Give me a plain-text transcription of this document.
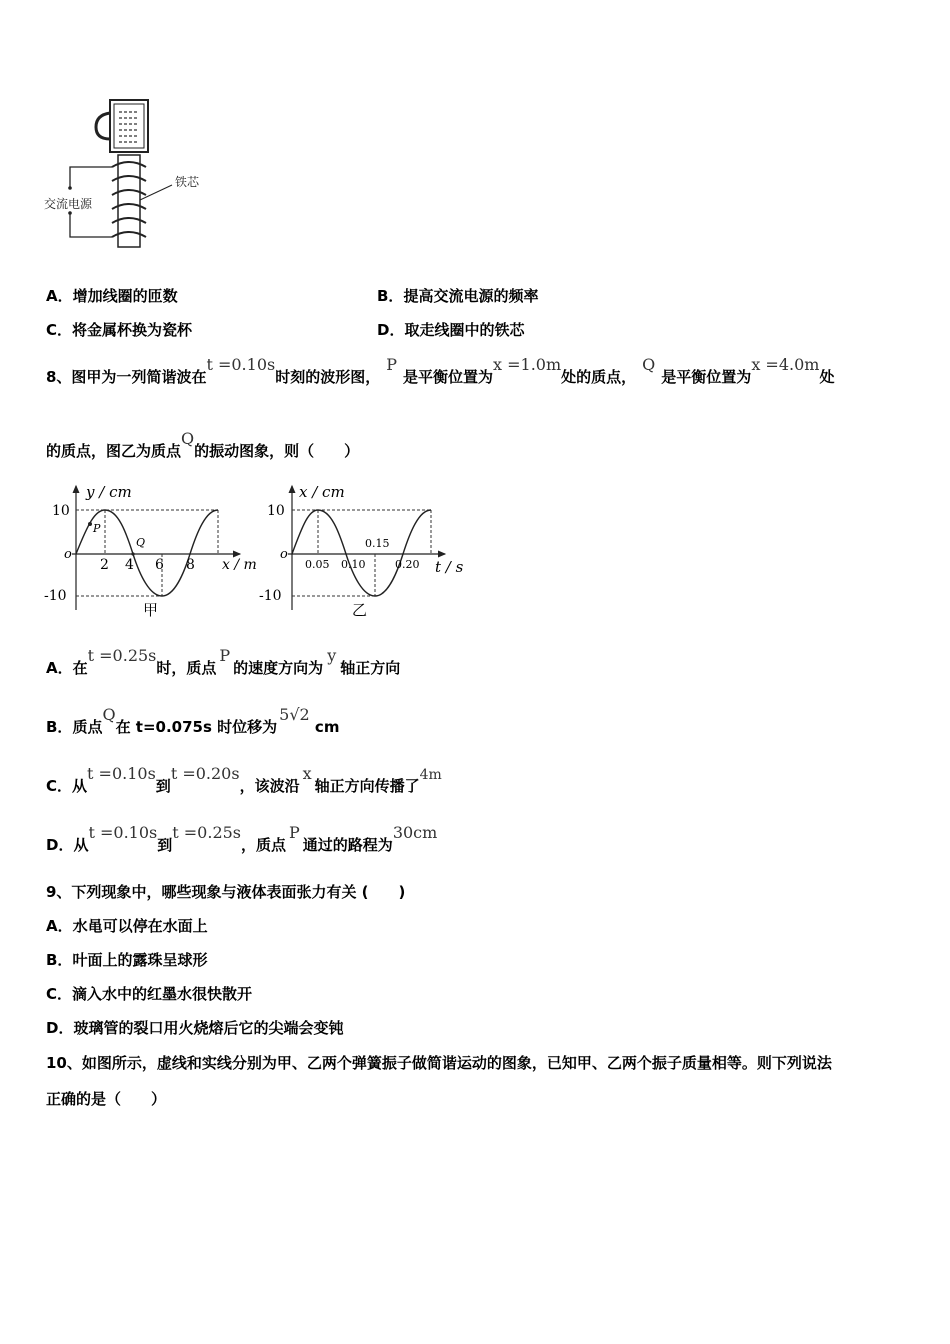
交流电源
铁芯
A．增加线圈的匝数	B．提高交流电源的频率
C．将金属杯换为瓷杯	D．取走线圈中的铁芯
8、图甲为一列简谐波在t =0.10s时刻的波形图，P是平衡位置为x =1.0m处的质点，Q是平衡位置为x =4.0m处
的质点，图乙为质点Q的振动图象，则（　　）
y / cm
x / m
10
-10
2 4 6 8
o
P
Q
甲
x / cm
t / s
10
-10
0.05 0.10
0.15
0.20
o
乙
A．在t =0.25s时，质点P的速度方向为y轴正方向
B．质点Q在 t=0.075s 时位移为5√2 cm
C．从t =0.10s到t =0.20s，该波沿x轴正方向传播了4m
D．从t =0.10s到t =0.25s，质点P通过的路程为30cm
9、下列现象中，哪些现象与液体表面张力有关 (　　)
A．水黾可以停在水面上
B．叶面上的露珠呈球形
C．滴入水中的红墨水很快散开
D．玻璃管的裂口用火烧熔后它的尖端会变钝
10、如图所示，虚线和实线分别为甲、乙两个弹簧振子做简谐运动的图象，已知甲、乙两个振子质量相等。则下列说法
正确的是（　　）
